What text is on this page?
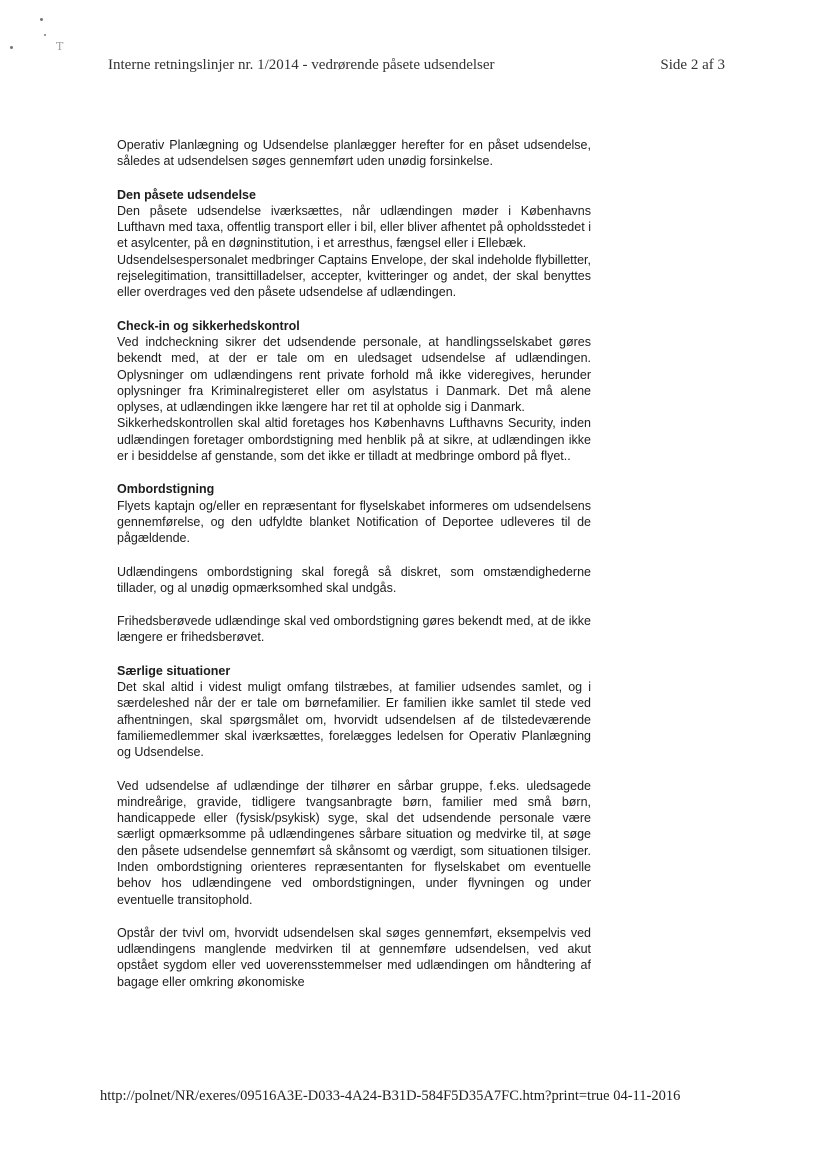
T
Interne retningslinjer nr. 1/2014 - vedrørende påsete udsendelser	Side 2 af 3

Operativ Planlægning og Udsendelse planlægger herefter for en påset udsendelse, således at udsendelsen søges gennemført uden unødig forsinkelse.

Den påsete udsendelse

Den påsete udsendelse iværksættes, når udlændingen møder i Københavns Lufthavn med taxa, offentlig transport eller i bil, eller bliver afhentet på opholdsstedet i et asylcenter, på en døgninstitution, i et arresthus, fængsel eller i Ellebæk.

Udsendelsespersonalet medbringer Captains Envelope, der skal indeholde flybilletter, rejselegitimation, transittilladelser, accepter, kvitteringer og andet, der skal benyttes eller overdrages ved den påsete udsendelse af udlændingen.

Check-in og sikkerhedskontrol

Ved indcheckning sikrer det udsendende personale, at handlingsselskabet gøres bekendt med, at der er tale om en uledsaget udsendelse af udlændingen. Oplysninger om udlændingens rent private forhold må ikke videregives, herunder oplysninger fra Kriminalregisteret eller om asylstatus i Danmark. Det må alene oplyses, at udlændingen ikke længere har ret til at opholde sig i Danmark.

Sikkerhedskontrollen skal altid foretages hos Københavns Lufthavns Security, inden udlændingen foretager ombordstigning med henblik på at sikre, at udlændingen ikke er i besiddelse af genstande, som det ikke er tilladt at medbringe ombord på flyet..

Ombordstigning

Flyets kaptajn og/eller en repræsentant for flyselskabet informeres om udsendelsens gennemførelse, og den udfyldte blanket Notification of Deportee udleveres til de pågældende.

Udlændingens ombordstigning skal foregå så diskret, som omstændighederne tillader, og al unødig opmærksomhed skal undgås.

Frihedsberøvede udlændinge skal ved ombordstigning gøres bekendt med, at de ikke længere er frihedsberøvet.

Særlige situationer

Det skal altid i videst muligt omfang tilstræbes, at familier udsendes samlet, og i særdeleshed når der er tale om børnefamilier. Er familien ikke samlet til stede ved afhentningen, skal spørgsmålet om, hvorvidt udsendelsen af de tilstedeværende familiemedlemmer skal iværksættes, forelægges ledelsen for Operativ Planlægning og Udsendelse.

Ved udsendelse af udlændinge der tilhører en sårbar gruppe, f.eks. uledsagede mindreårige, gravide, tidligere tvangsanbragte børn, familier med små børn, handicappede eller (fysisk/psykisk) syge, skal det udsendende personale være særligt opmærksomme på udlændingenes sårbare situation og medvirke til, at søge den påsete udsendelse gennemført så skånsomt og værdigt, som situationen tilsiger. Inden ombordstigning orienteres repræsentanten for flyselskabet om eventuelle behov hos udlændingene ved ombordstigningen, under flyvningen og under eventuelle transitophold.

Opstår der tvivl om, hvorvidt udsendelsen skal søges gennemført, eksempelvis ved udlændingens manglende medvirken til at gennemføre udsendelsen, ved akut opstået sygdom eller ved uoverensstemmelser med udlændingen om håndtering af bagage eller omkring økonomiske

http://polnet/NR/exeres/09516A3E-D033-4A24-B31D-584F5D35A7FC.htm?print=true 04-11-2016
